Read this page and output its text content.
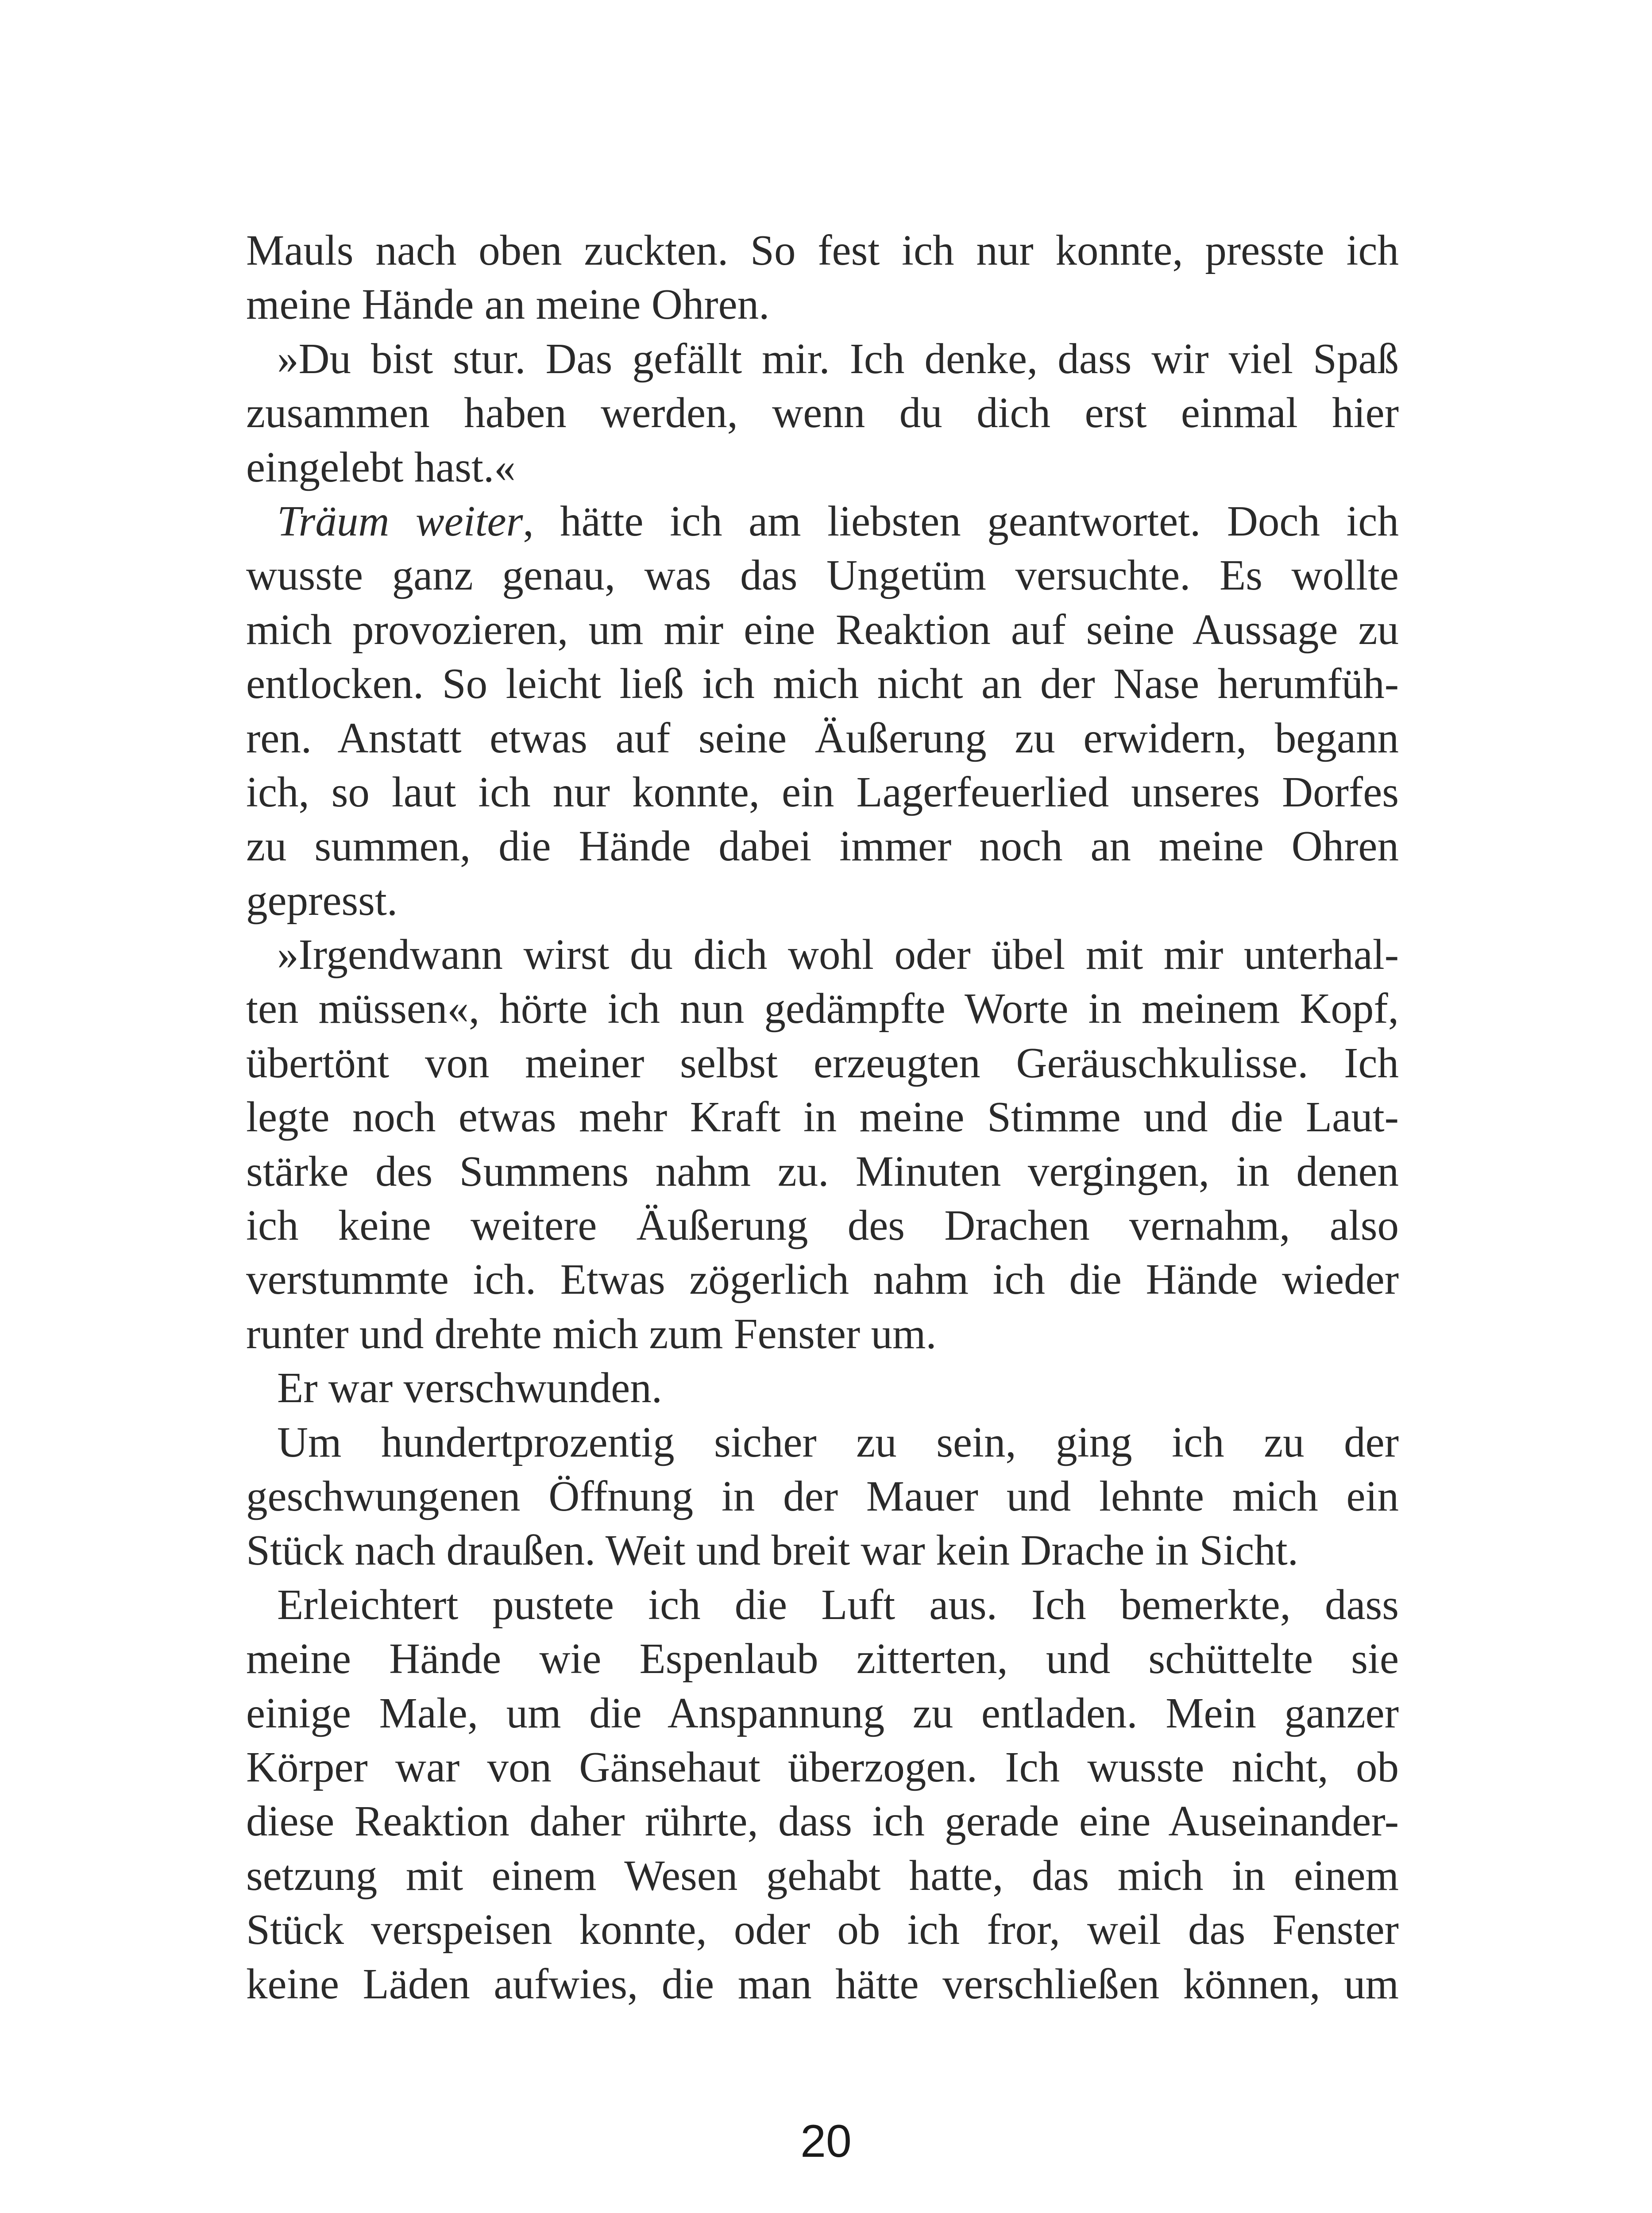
Mauls nach oben zuckten. So fest ich nur konnte, presste ich
meine Hände an meine Ohren.
»Du bist stur. Das gefällt mir. Ich denke, dass wir viel Spaß
zusammen haben werden, wenn du dich erst einmal hier
eingelebt hast.«
Träum weiter, hätte ich am liebsten geantwortet. Doch ich
wusste ganz genau, was das Ungetüm versuchte. Es wollte
mich provozieren, um mir eine Reaktion auf seine Aussage zu
entlocken. So leicht ließ ich mich nicht an der Nase herumfüh-
ren. Anstatt etwas auf seine Äußerung zu erwidern, begann
ich, so laut ich nur konnte, ein Lagerfeuerlied unseres Dorfes
zu summen, die Hände dabei immer noch an meine Ohren
gepresst.
»Irgendwann wirst du dich wohl oder übel mit mir unterhal-
ten müssen«, hörte ich nun gedämpfte Worte in meinem Kopf,
übertönt von meiner selbst erzeugten Geräuschkulisse. Ich
legte noch etwas mehr Kraft in meine Stimme und die Laut-
stärke des Summens nahm zu. Minuten vergingen, in denen
ich keine weitere Äußerung des Drachen vernahm, also
verstummte ich. Etwas zögerlich nahm ich die Hände wieder
runter und drehte mich zum Fenster um.
Er war verschwunden.
Um hundertprozentig sicher zu sein, ging ich zu der
geschwungenen Öffnung in der Mauer und lehnte mich ein
Stück nach draußen. Weit und breit war kein Drache in Sicht.
Erleichtert pustete ich die Luft aus. Ich bemerkte, dass
meine Hände wie Espenlaub zitterten, und schüttelte sie
einige Male, um die Anspannung zu entladen. Mein ganzer
Körper war von Gänsehaut überzogen. Ich wusste nicht, ob
diese Reaktion daher rührte, dass ich gerade eine Auseinander-
setzung mit einem Wesen gehabt hatte, das mich in einem
Stück verspeisen konnte, oder ob ich fror, weil das Fenster
keine Läden aufwies, die man hätte verschließen können, um
20
